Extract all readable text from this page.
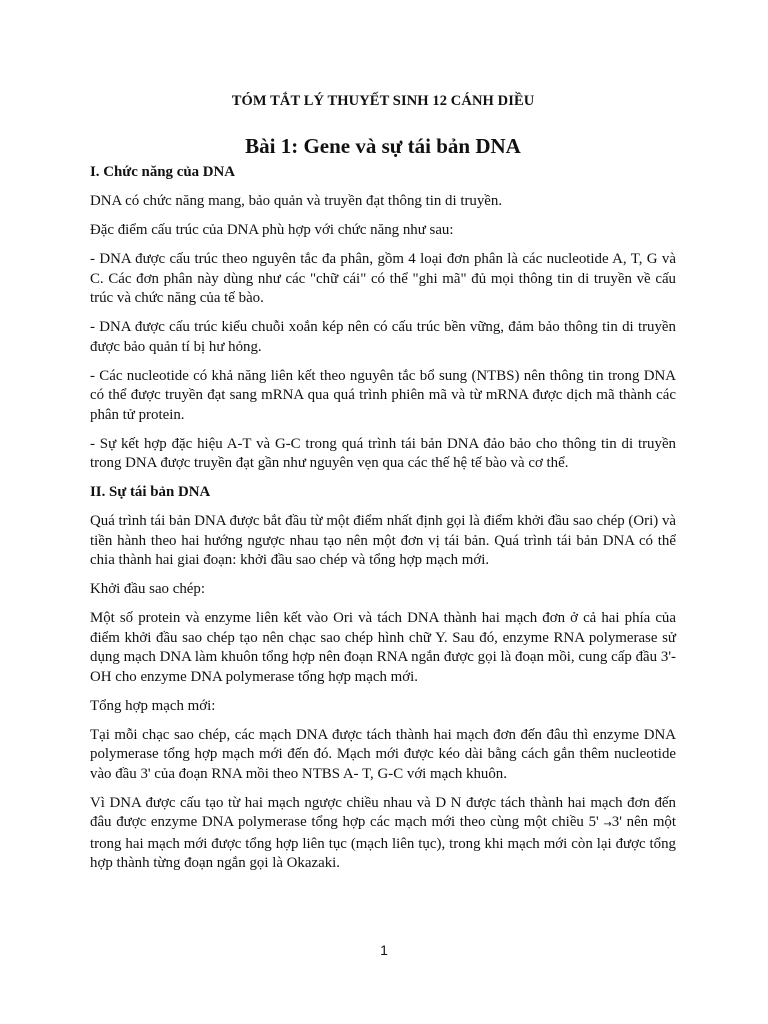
TÓM TẮT LÝ THUYẾT SINH 12 CÁNH DIỀU
Bài 1: Gene và sự tái bản DNA

I. Chức năng của DNA

DNA có chức năng mang, bảo quản và truyền đạt thông tin di truyền.

Đặc điểm cấu trúc của DNA phù hợp với chức năng như sau:

- DNA được cấu trúc theo nguyên tắc đa phân, gồm 4 loại đơn phân là các nucleotide A, T, G và C. Các đơn phân này dùng như các "chữ cái" có thể "ghi mã" đủ mọi thông tin di truyền về cấu trúc và chức năng của tế bào.

- DNA được cấu trúc kiểu chuỗi xoắn kép nên có cấu trúc bền vững, đảm bảo thông tin di truyền được bảo quản tí bị hư hỏng.

- Các nucleotide có khả năng liên kết theo nguyên tắc bổ sung (NTBS) nên thông tin trong DNA có thể được truyền đạt sang mRNA qua quá trình phiên mã và từ mRNA được dịch mã thành các phân tử protein.

- Sự kết hợp đặc hiệu A-T và G-C trong quá trình tái bản DNA đảo bảo cho thông tin di truyền trong DNA được truyền đạt gần như nguyên vẹn qua các thế hệ tế bào và cơ thể.

II. Sự tái bản DNA

Quá trình tái bản DNA được bắt đầu từ một điểm nhất định gọi là điểm khởi đầu sao chép (Ori) và tiền hành theo hai hướng ngược nhau tạo nên một đơn vị tái bản. Quá trình tái bản DNA có thể chia thành hai giai đoạn: khởi đầu sao chép và tổng hợp mạch mới.

Khởi đầu sao chép:

Một số protein và enzyme liên kết vào Ori và tách DNA thành hai mạch đơn ở cả hai phía của điểm khởi đầu sao chép tạo nên chạc sao chép hình chữ Y. Sau đó, enzyme RNA polymerase sử dụng mạch DNA làm khuôn tổng hợp nên đoạn RNA ngắn được gọi là đoạn mồi, cung cấp đầu 3'-OH cho enzyme DNA polymerase tổng hợp mạch mới.

Tổng hợp mạch mới:

Tại mỗi chạc sao chép, các mạch DNA được tách thành hai mạch đơn đến đâu thì enzyme DNA polymerase tổng hợp mạch mới đến đó. Mạch mới được kéo dài bằng cách gắn thêm nucleotide vào đầu 3' của đoạn RNA mồi theo NTBS A- T, G-C với mạch khuôn.

Vì DNA được cấu tạo từ hai mạch ngược chiều nhau và D N được tách thành hai mạch đơn đến đâu được enzyme DNA polymerase tổng hợp các mạch mới theo cùng một chiều 5' →3' nên một trong hai mạch mới được tổng hợp liên tục (mạch liên tục), trong khi mạch mới còn lại được tổng hợp thành từng đoạn ngắn gọi là Okazaki.

1
